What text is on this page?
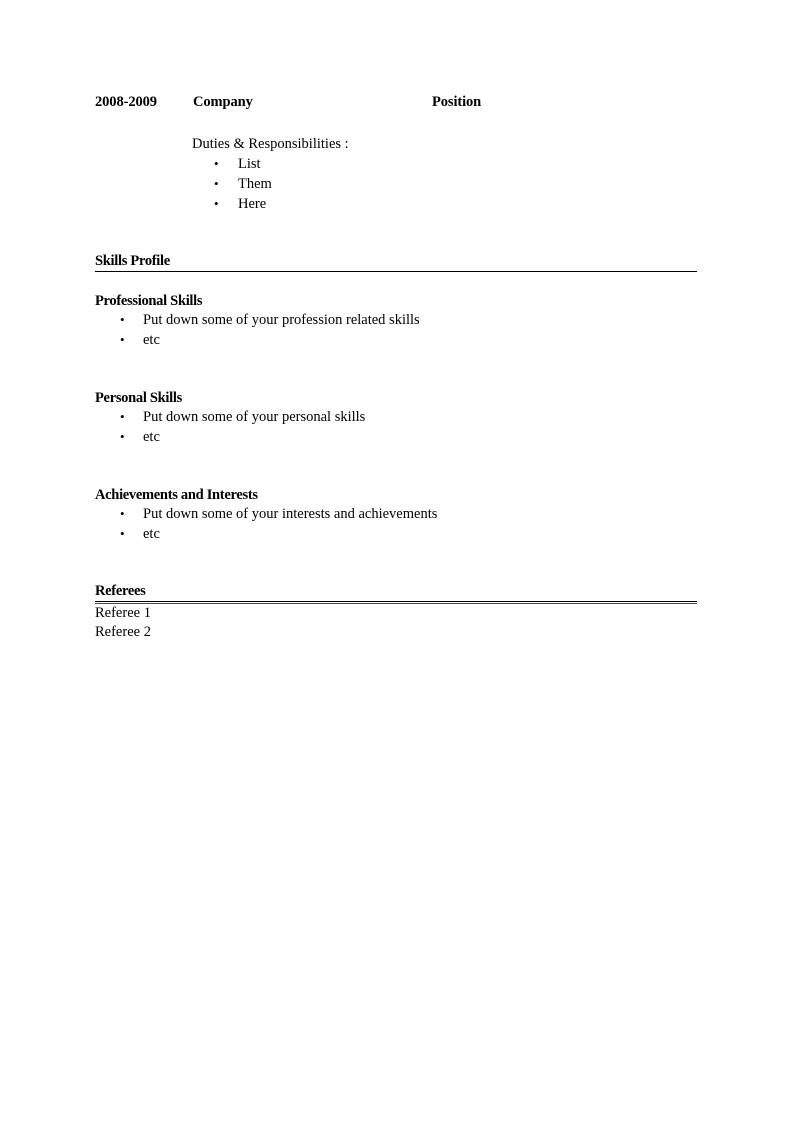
2008-2009 Company	Position
Duties & Responsibilities :
• List
• Them
• Here
Skills Profile
Professional Skills
• Put down some of your profession related skills
• etc
Personal Skills
• Put down some of your personal skills
• etc
Achievements and Interests
• Put down some of your interests and achievements
• etc
Referees
Referee 1
Referee 2
